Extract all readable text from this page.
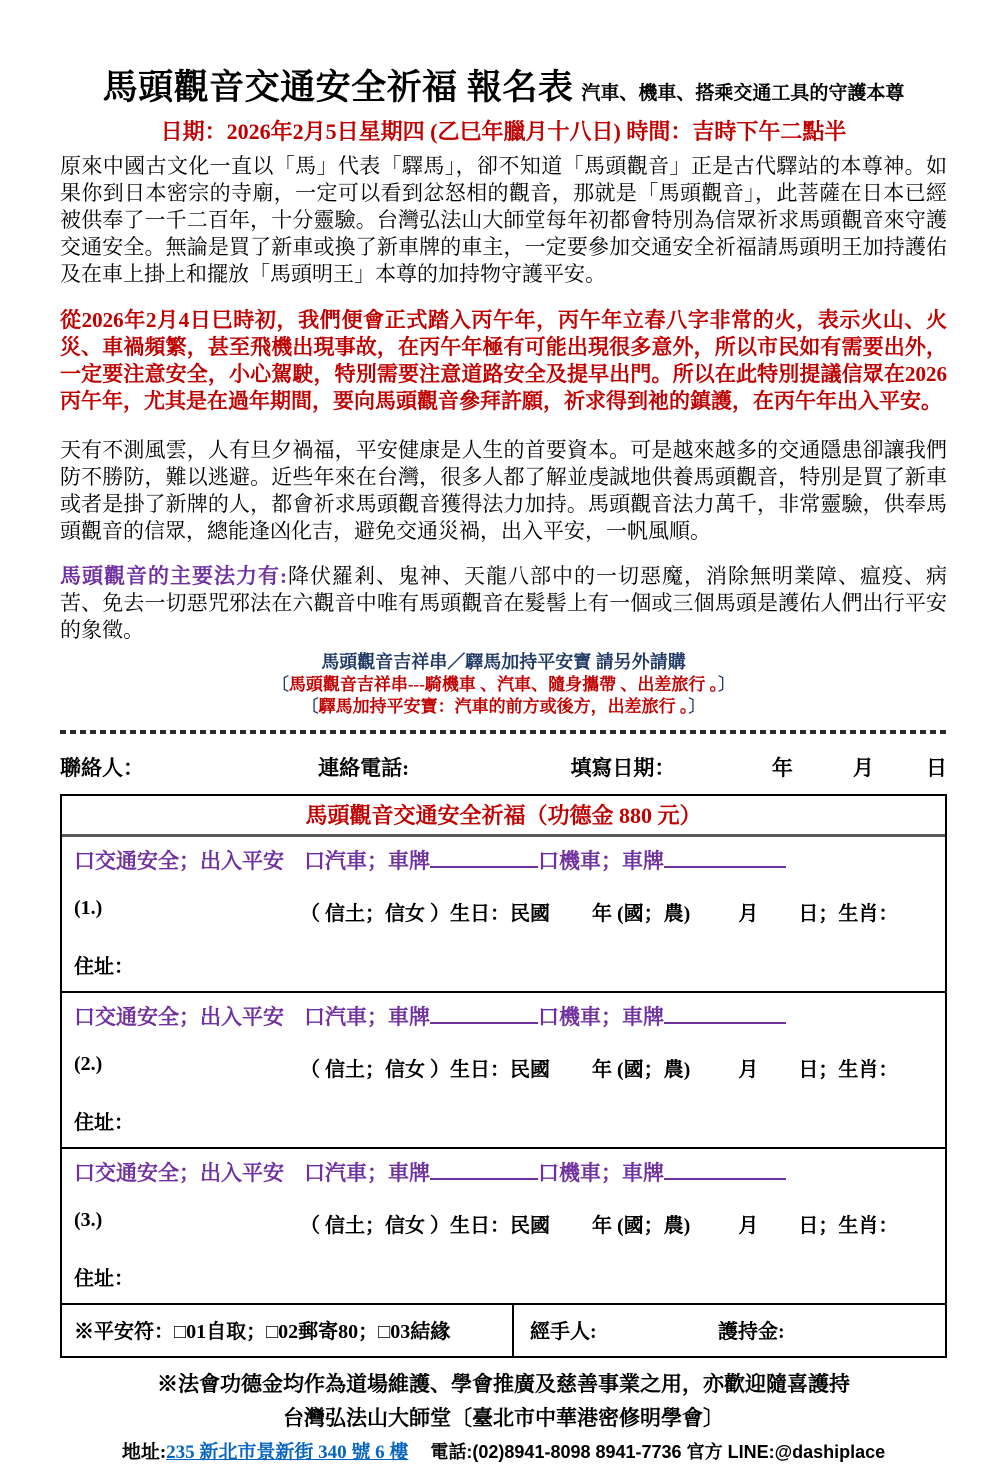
馬頭觀音交通安全祈福 報名表 汽車、機車、搭乘交通工具的守護本尊
日期：2026年2月5日星期四 (乙巳年臘月十八日) 時間：吉時下午二點半
原來中國古文化一直以「馬」代表「驛馬」，卻不知道「馬頭觀音」正是古代驛站的本尊神。如果你到日本密宗的寺廟，一定可以看到忿怒相的觀音，那就是「馬頭觀音」，此菩薩在日本已經被供奉了一千二百年，十分靈驗。台灣弘法山大師堂每年初都會特別為信眾祈求馬頭觀音來守護交通安全。無論是買了新車或換了新車牌的車主，一定要參加交通安全祈福請馬頭明王加持護佑及在車上掛上和擺放「馬頭明王」本尊的加持物守護平安。
從2026年2月4日巳時初，我們便會正式踏入丙午年，丙午年立春八字非常的火，表示火山、火災、車禍頻繁，甚至飛機出現事故，在丙午年極有可能出現很多意外，所以市民如有需要出外，一定要注意安全，小心駕駛，特別需要注意道路安全及提早出門。所以在此特別提議信眾在2026丙午年，尤其是在過年期間，要向馬頭觀音參拜許願，祈求得到祂的鎮護，在丙午年出入平安。
天有不測風雲，人有旦夕禍福，平安健康是人生的首要資本。可是越來越多的交通隱患卻讓我們防不勝防，難以逃避。近些年來在台灣，很多人都了解並虔誠地供養馬頭觀音，特別是買了新車或者是掛了新牌的人，都會祈求馬頭觀音獲得法力加持。馬頭觀音法力萬千，非常靈驗，供奉馬頭觀音的信眾，總能逢凶化吉，避免交通災禍，出入平安，一帆風順。
馬頭觀音的主要法力有:降伏羅剎、鬼神、天龍八部中的一切惡魔，消除無明業障、瘟疫、病苦、免去一切惡咒邪法在六觀音中唯有馬頭觀音在髮髻上有一個或三個馬頭是護佑人們出行平安的象徵。
馬頭觀音吉祥串／驛馬加持平安寶 請另外請購
〔馬頭觀音吉祥串---騎機車 、汽車、隨身攜帶 、出差旅行 。〕
〔驛馬加持平安寶：汽車的前方或後方，出差旅行 。〕
聯絡人：	連絡電話:	填寫日期：	年	月	日
馬頭觀音交通安全祈福（功德金 880 元）
口交通安全；出入平安 口汽車；車牌	口機車；車牌
(1.)	（ 信土；信女 ）生日：民國 年 (國；農) 月 日；生肖：
住址：
口交通安全；出入平安 口汽車；車牌	口機車；車牌
(2.)	（ 信土；信女 ）生日：民國 年 (國；農) 月 日；生肖：
住址：
口交通安全；出入平安 口汽車；車牌	口機車；車牌
(3.)	（ 信土；信女 ）生日：民國 年 (國；農) 月 日；生肖：
住址：
※平安符：□01自取；□02郵寄80；□03結緣	經手人:	護持金:
※法會功德金均作為道場維護、學會推廣及慈善事業之用，亦歡迎隨喜護持
台灣弘法山大師堂〔臺北市中華港密修明學會〕
地址:235 新北市景新街 340 號 6 樓 電話:(02)8941-8098 8941-7736 官方 LINE:@dashiplace
